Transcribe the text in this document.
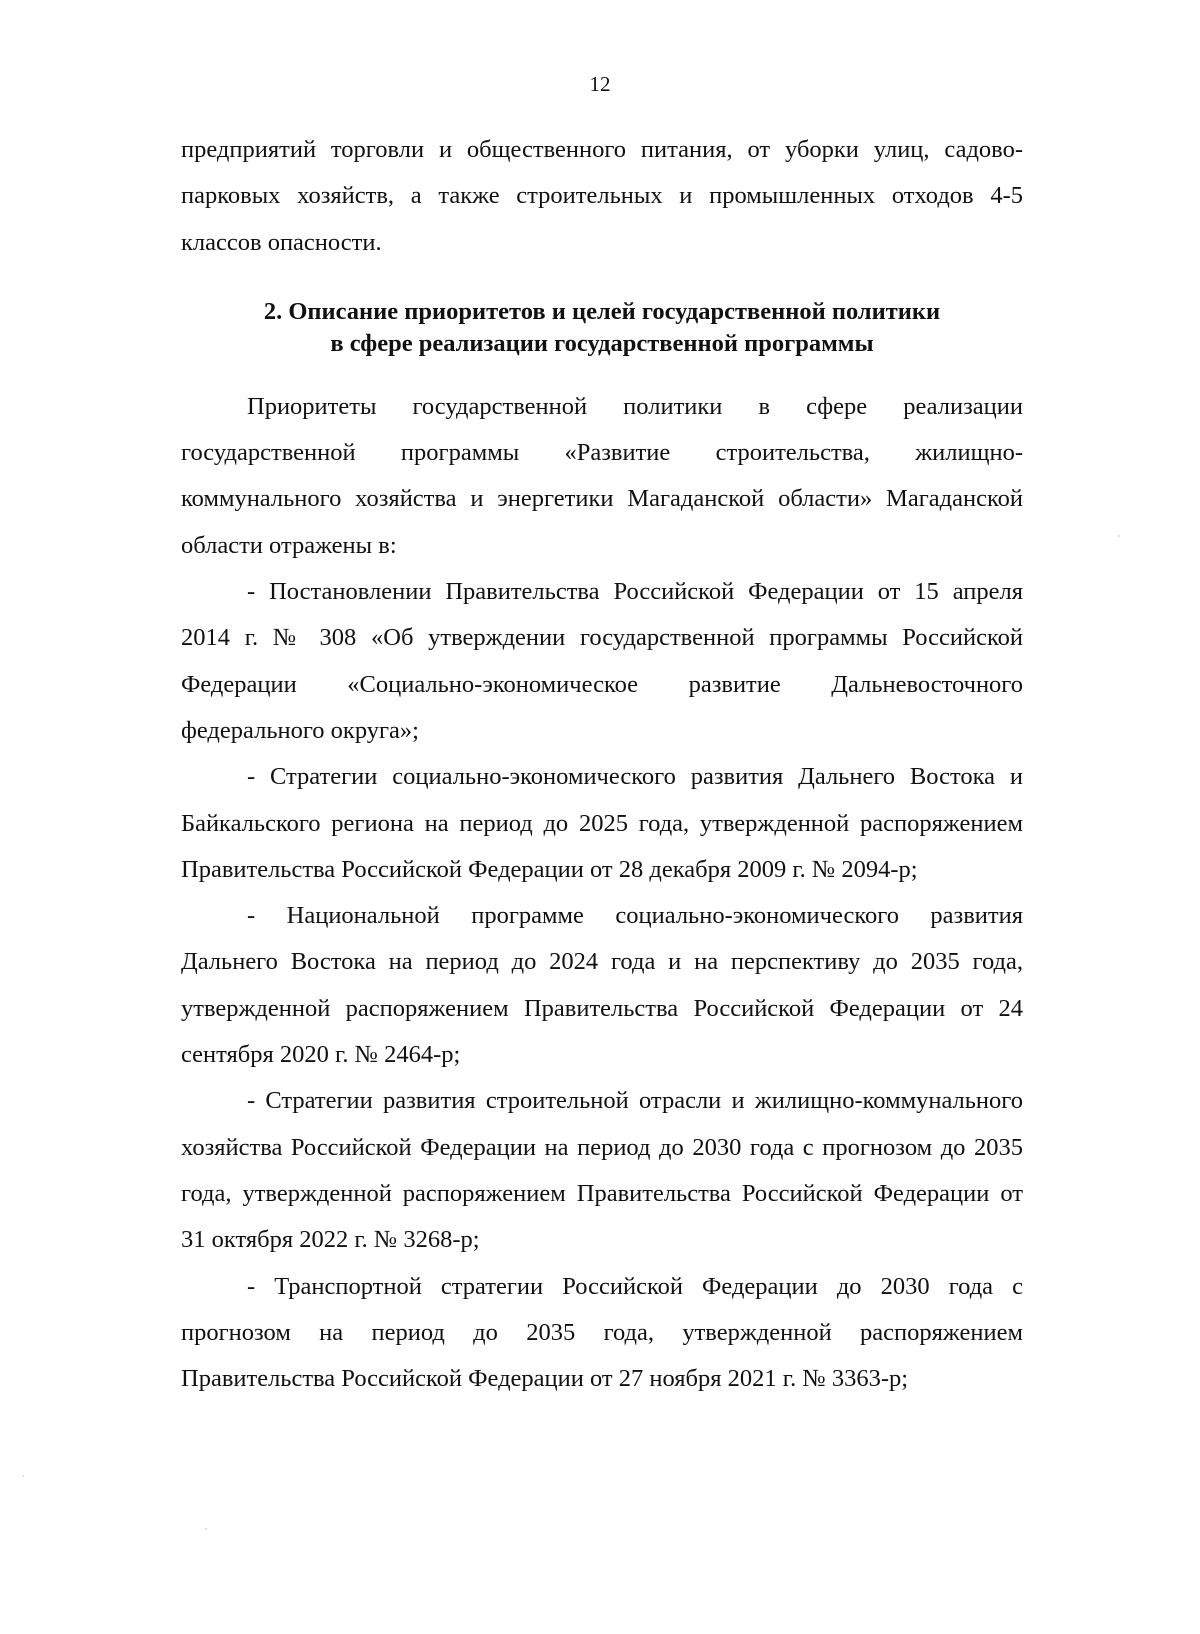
12

предприятий торговли и общественного питания, от уборки улиц, садово-парковых хозяйств, а также строительных и промышленных отходов 4-5 классов опасности.

2. Описание приоритетов и целей государственной политики
в сфере реализации государственной программы

Приоритеты государственной политики в сфере реализации государственной программы «Развитие строительства, жилищно-коммунального хозяйства и энергетики Магаданской области» Магаданской области отражены в:

- Постановлении Правительства Российской Федерации от 15 апреля 2014 г. № 308 «Об утверждении государственной программы Российской Федерации «Социально-экономическое развитие Дальневосточного федерального округа»;

- Стратегии социально-экономического развития Дальнего Востока и Байкальского региона на период до 2025 года, утвержденной распоряжением Правительства Российской Федерации от 28 декабря 2009 г. № 2094-р;

- Национальной программе социально-экономического развития Дальнего Востока на период до 2024 года и на перспективу до 2035 года, утвержденной распоряжением Правительства Российской Федерации от 24 сентября 2020 г. № 2464-р;

- Стратегии развития строительной отрасли и жилищно-коммунального хозяйства Российской Федерации на период до 2030 года с прогнозом до 2035 года, утвержденной распоряжением Правительства Российской Федерации от 31 октября 2022 г. № 3268-р;

- Транспортной стратегии Российской Федерации до 2030 года с прогнозом на период до 2035 года, утвержденной распоряжением Правительства Российской Федерации от 27 ноября 2021 г. № 3363-р;
